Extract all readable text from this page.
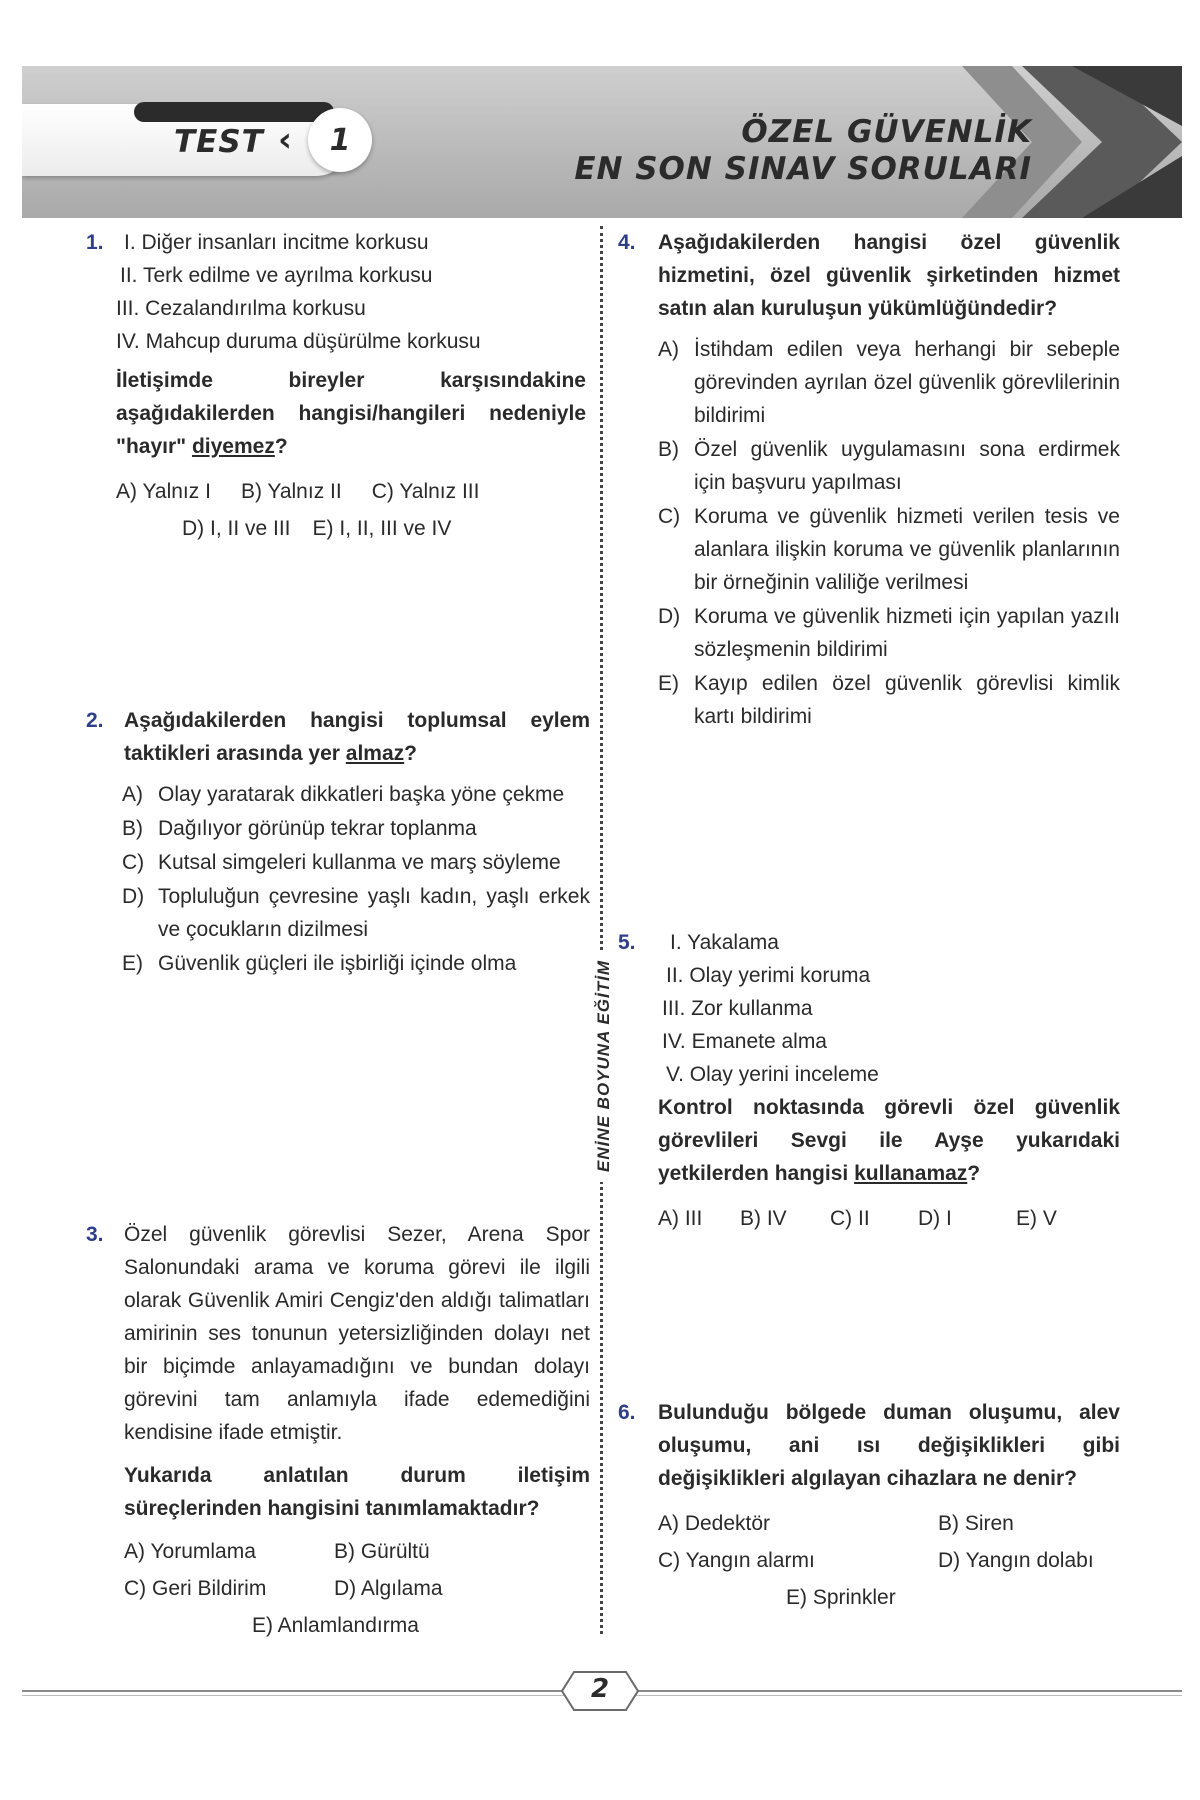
TEST ‹	1	ÖZEL GÜVENLİK
EN SON SINAV SORULARI
ENİNE BOYUNA EĞİTİM
1. I. Diğer insanları incitme korkusu
II. Terk edilme ve ayrılma korkusu
III. Cezalandırılma korkusu
IV. Mahcup duruma düşürülme korkusu
İletişimde bireyler karşısındakine aşağıdakilerden hangisi/hangileri nedeniyle "hayır" diyemez?
A) Yalnız I B) Yalnız II C) Yalnız III
D) I, II ve III E) I, II, III ve IV
2. Aşağıdakilerden hangisi toplumsal eylem taktikleri arasında yer almaz?
A) Olay yaratarak dikkatleri başka yöne çekme
B) Dağılıyor görünüp tekrar toplanma
C) Kutsal simgeleri kullanma ve marş söyleme
D) Topluluğun çevresine yaşlı kadın, yaşlı erkek ve çocukların dizilmesi
E) Güvenlik güçleri ile işbirliği içinde olma
3. Özel güvenlik görevlisi Sezer, Arena Spor Salonundaki arama ve koruma görevi ile ilgili olarak Güvenlik Amiri Cengiz'den aldığı talimatları amirinin ses tonunun yetersizliğinden dolayı net bir biçimde anlayamadığını ve bundan dolayı görevini tam anlamıyla ifade edemediğini kendisine ifade etmiştir.
Yukarıda anlatılan durum iletişim süreçlerinden hangisini tanımlamaktadır?
A) Yorumlama	B) Gürültü
C) Geri Bildirim	D) Algılama
E) Anlamlandırma
4.	Aşağıdakilerden hangisi özel güvenlik hizmetini, özel güvenlik şirketinden hizmet satın alan kuruluşun yükümlüğündedir?
A) İstihdam edilen veya herhangi bir sebeple görevinden ayrılan özel güvenlik görevlilerinin bildirimi
B) Özel güvenlik uygulamasını sona erdirmek için başvuru yapılması
C) Koruma ve güvenlik hizmeti verilen tesis ve alanlara ilişkin koruma ve güvenlik planlarının bir örneğinin valiliğe verilmesi
D) Koruma ve güvenlik hizmeti için yapılan yazılı sözleşmenin bildirimi
E) Kayıp edilen özel güvenlik görevlisi kimlik kartı bildirimi
5.	I. Yakalama
II. Olay yerimi koruma
III. Zor kullanma
IV. Emanete alma
V. Olay yerini inceleme
Kontrol noktasında görevli özel güvenlik görevlileri Sevgi ile Ayşe yukarıdaki yetkilerden hangisi kullanamaz?
A) III	B) IV	C) II	D) I	E) V
6.	Bulunduğu bölgede duman oluşumu, alev oluşumu, ani ısı değişiklikleri gibi değişiklikleri algılayan cihazlara ne denir?
A) Dedektör	B) Siren
C) Yangın alarmı	D) Yangın dolabı
E) Sprinkler
2
